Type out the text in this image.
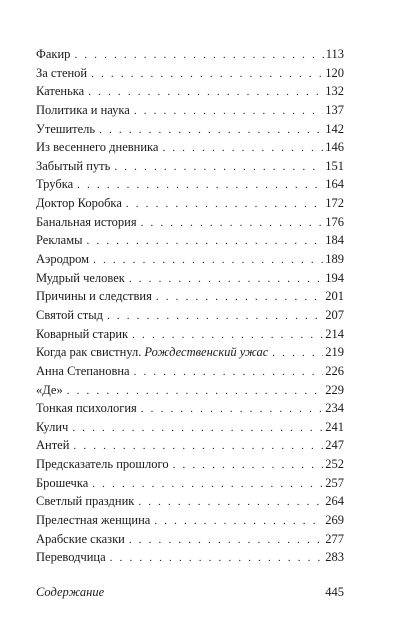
Факир . . .	113
За стеной . . .	120
Катенька . . .	132
Политика и наука . . .	137
Утешитель . . .	142
Из весеннего дневника . . .	146
Забытый путь . . .	151
Трубка . . .	164
Доктор Коробка . . .	172
Банальная история . . .	176
Рекламы . . .	184
Аэродром . . .	189
Мудрый человек . . .	194
Причины и следствия . . .	201
Святой стыд . . .	207
Коварный старик . . .	214
Когда рак свистнул. Рождественский ужас . . .	219
Анна Степановна . . .	226
«Де» . . .	229
Тонкая психология . . .	234
Кулич . . .	241
Антей . . .	247
Предсказатель прошлого . . .	252
Брошечка . . .	257
Светлый праздник . . .	264
Прелестная женщина . . .	269
Арабские сказки . . .	277
Переводчица . . .	283
Содержание	445
